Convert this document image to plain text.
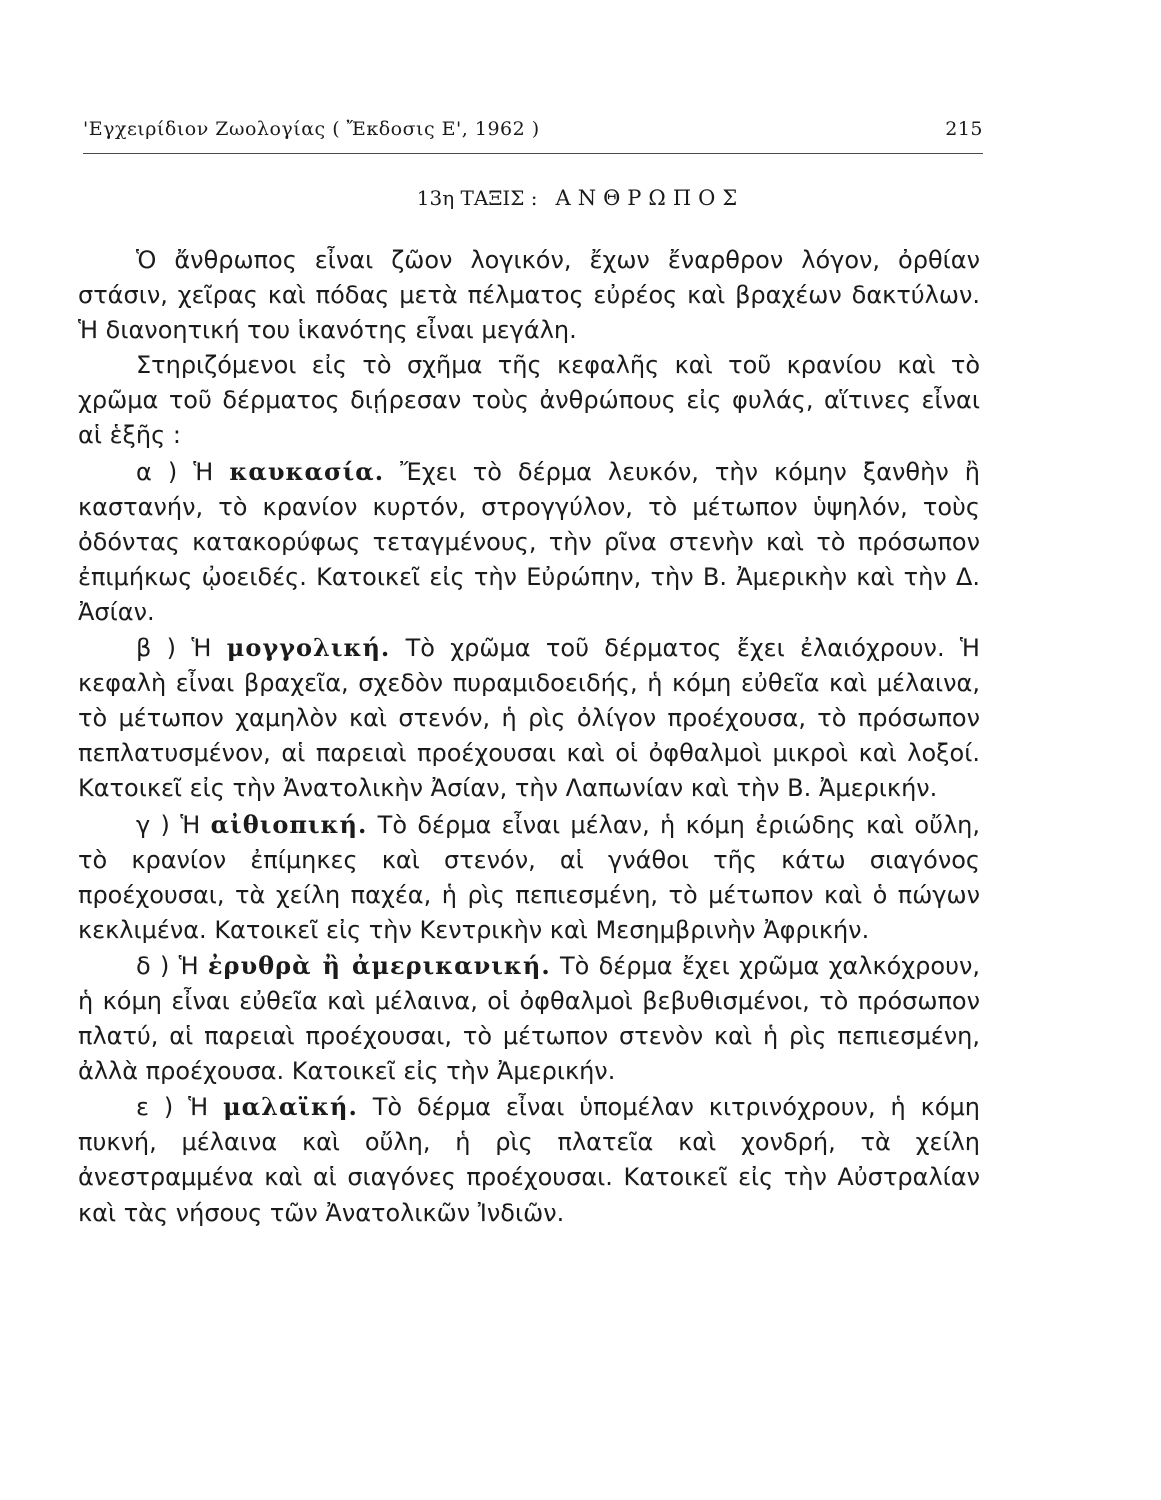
'Εγχειρίδιον Ζωολογίας ( Ἔκδοσις Ε', 1962 )	215
13η ΤΑΞΙΣ : ΑΝΘΡΩΠΟΣ

Ὁ ἄνθρωπος εἶναι ζῶον λογικόν, ἔχων ἔναρθρον λόγον, ὀρθίαν στάσιν, χεῖρας καὶ πόδας μετὰ πέλματος εὐρέος καὶ βραχέων δακτύλων. Ἡ διανοητική του ἱκανότης εἶναι μεγάλη.

Στηριζόμενοι εἰς τὸ σχῆμα τῆς κεφαλῆς καὶ τοῦ κρανίου καὶ τὸ χρῶμα τοῦ δέρματος διῄρεσαν τοὺς ἀνθρώπους εἰς φυλάς, αἵτινες εἶναι αἱ ἑξῆς :

α ) Ἡ καυκασία. Ἔχει τὸ δέρμα λευκόν, τὴν κόμην ξανθὴν ἢ καστανήν, τὸ κρανίον κυρτόν, στρογγύλον, τὸ μέτωπον ὑψηλόν, τοὺς ὀδόντας κατακορύφως τεταγμένους, τὴν ρῖνα στενὴν καὶ τὸ πρόσωπον ἐπιμήκως ᾠοειδές. Κατοικεῖ εἰς τὴν Εὐρώπην, τὴν Β. Ἀμερικὴν καὶ τὴν Δ. Ἀσίαν.

β ) Ἡ μογγολική. Τὸ χρῶμα τοῦ δέρματος ἔχει ἐλαιόχρουν. Ἡ κεφαλὴ εἶναι βραχεῖα, σχεδὸν πυραμιδοειδής, ἡ κόμη εὐθεῖα καὶ μέλαινα, τὸ μέτωπον χαμηλὸν καὶ στενόν, ἡ ρὶς ὀλίγον προέχουσα, τὸ πρόσωπον πεπλατυσμένον, αἱ παρειαὶ προέχουσαι καὶ οἱ ὀφθαλμοὶ μικροὶ καὶ λοξοί. Κατοικεῖ εἰς τὴν Ἀνατολικὴν Ἀσίαν, τὴν Λαπωνίαν καὶ τὴν Β. Ἀμερικήν.

γ ) Ἡ αἰθιοπική. Τὸ δέρμα εἶναι μέλαν, ἡ κόμη ἐριώδης καὶ οὔλη, τὸ κρανίον ἐπίμηκες καὶ στενόν, αἱ γνάθοι τῆς κάτω σιαγόνος προέχουσαι, τὰ χείλη παχέα, ἡ ρὶς πεπιεσμένη, τὸ μέτωπον καὶ ὁ πώγων κεκλιμένα. Κατοικεῖ εἰς τὴν Κεντρικὴν καὶ Μεσημβρινὴν Ἀφρικήν.

δ ) Ἡ ἐρυθρὰ ἢ ἀμερικανική. Τὸ δέρμα ἔχει χρῶμα χαλκόχρουν, ἡ κόμη εἶναι εὐθεῖα καὶ μέλαινα, οἱ ὀφθαλμοὶ βεβυθισμένοι, τὸ πρόσωπον πλατύ, αἱ παρειαὶ προέχουσαι, τὸ μέτωπον στενὸν καὶ ἡ ρὶς πεπιεσμένη, ἀλλὰ προέχουσα. Κατοικεῖ εἰς τὴν Ἀμερικήν.

ε ) Ἡ μαλαϊκή. Τὸ δέρμα εἶναι ὑπομέλαν κιτρινόχρουν, ἡ κόμη πυκνή, μέλαινα καὶ οὔλη, ἡ ρὶς πλατεῖα καὶ χονδρή, τὰ χείλη ἀνεστραμμένα καὶ αἱ σιαγόνες προέχουσαι. Κατοικεῖ εἰς τὴν Αὐστραλίαν καὶ τὰς νήσους τῶν Ἀνατολικῶν Ἰνδιῶν.
